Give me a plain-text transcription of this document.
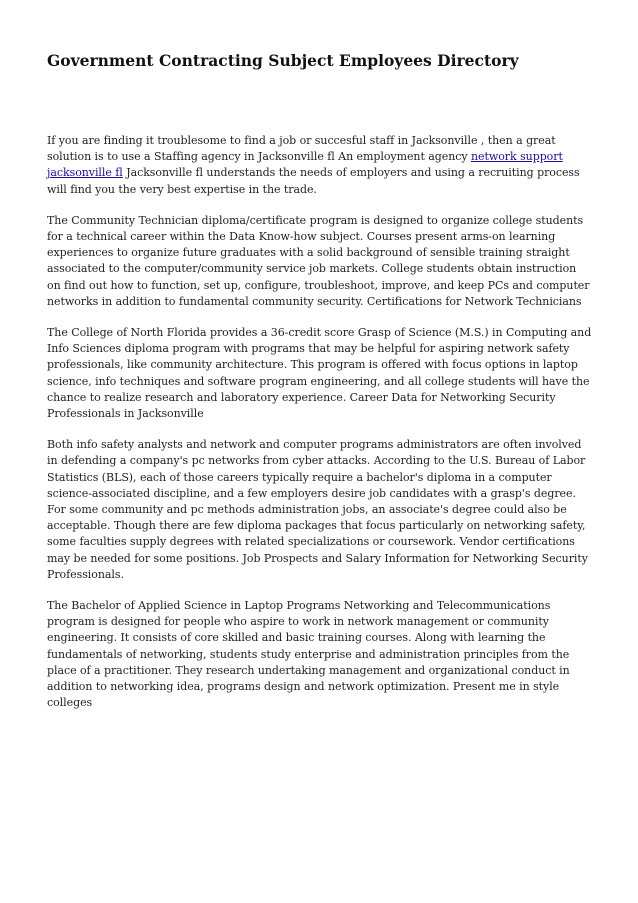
Government Contracting Subject Employees Directory

If you are finding it troublesome to find a job or succesful staff in Jacksonville , then a great solution is to use a Staffing agency in Jacksonville fl An employment agency network support jacksonville fl Jacksonville fl understands the needs of employers and using a recruiting process will find you the very best expertise in the trade.

The Community Technician diploma/certificate program is designed to organize college students for a technical career within the Data Know-how subject. Courses present arms-on learning experiences to organize future graduates with a solid background of sensible training straight associated to the computer/community service job markets. College students obtain instruction on find out how to function, set up, configure, troubleshoot, improve, and keep PCs and computer networks in addition to fundamental community security. Certifications for Network Technicians

The College of North Florida provides a 36-credit score Grasp of Science (M.S.) in Computing and Info Sciences diploma program with programs that may be helpful for aspiring network safety professionals, like community architecture. This program is offered with focus options in laptop science, info techniques and software program engineering, and all college students will have the chance to realize research and laboratory experience. Career Data for Networking Security Professionals in Jacksonville

Both info safety analysts and network and computer programs administrators are often involved in defending a company's pc networks from cyber attacks. According to the U.S. Bureau of Labor Statistics (BLS), each of those careers typically require a bachelor's diploma in a computer science-associated discipline, and a few employers desire job candidates with a grasp's degree. For some community and pc methods administration jobs, an associate's degree could also be acceptable. Though there are few diploma packages that focus particularly on networking safety, some faculties supply degrees with related specializations or coursework. Vendor certifications may be needed for some positions. Job Prospects and Salary Information for Networking Security Professionals.

The Bachelor of Applied Science in Laptop Programs Networking and Telecommunications program is designed for people who aspire to work in network management or community engineering. It consists of core skilled and basic training courses. Along with learning the fundamentals of networking, students study enterprise and administration principles from the place of a practitioner. They research undertaking management and organizational conduct in addition to networking idea, programs design and network optimization. Present me in style colleges
